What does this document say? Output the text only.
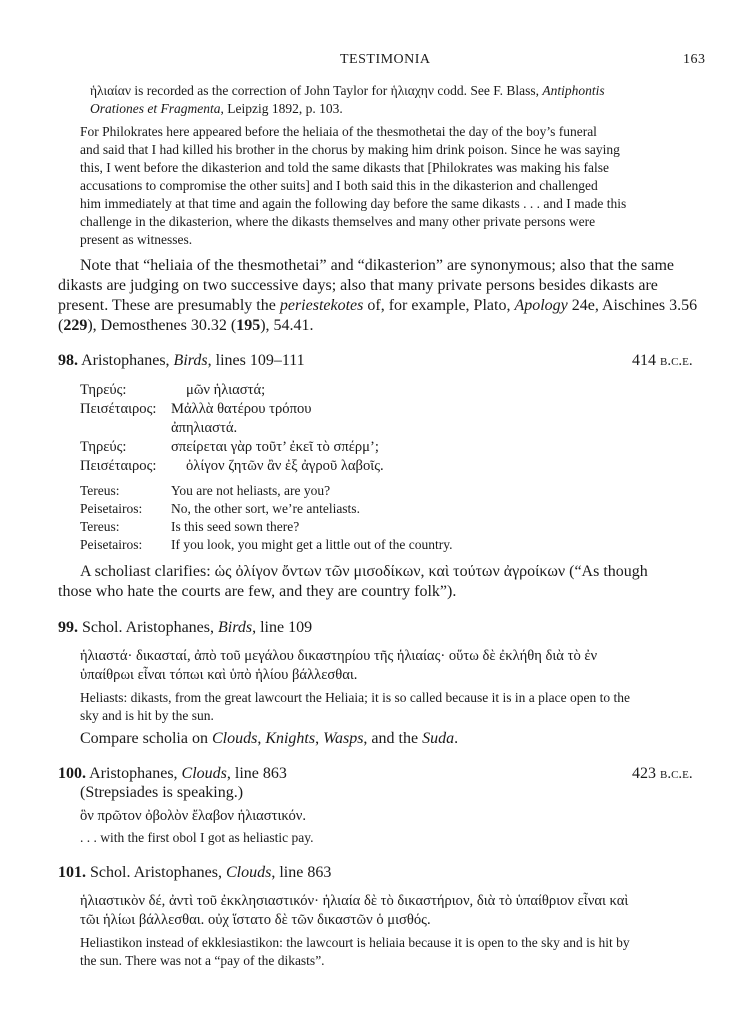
TESTIMONIA	163
ἡλιαίαν is recorded as the correction of John Taylor for ἡλιαχην codd. See F. Blass, Antiphontis
Orationes et Fragmenta, Leipzig 1892, p. 103.
For Philokrates here appeared before the heliaia of the thesmothetai the day of the boy’s funeral
and said that I had killed his brother in the chorus by making him drink poison. Since he was saying
this, I went before the dikasterion and told the same dikasts that [Philokrates was making his false
accusations to compromise the other suits] and I both said this in the dikasterion and challenged
him immediately at that time and again the following day before the same dikasts . . . and I made this
challenge in the dikasterion, where the dikasts themselves and many other private persons were
present as witnesses.
Note that “heliaia of the thesmothetai” and “dikasterion” are synonymous; also that the same
dikasts are judging on two successive days; also that many private persons besides dikasts are
present. These are presumably the periestekotes of, for example, Plato, Apology 24e, Aischines 3.56
(229), Demosthenes 30.32 (195), 54.41.
98. Aristophanes, Birds, lines 109–111	414 b.c.e.
Τηρεύς:	μῶν ἡλιαστά;
Πεισέταιρος: Μἀλλὰ θατέρου τρόπου
ἀπηλιαστά.
Τηρεύς:	σπείρεται γὰρ τοῦτ’ ἐκεῖ τὸ σπέρμ’;
Πεισέταιρος: ὀλίγον ζητῶν ἂν ἐξ ἀγροῦ λαβοῖς.
Tereus:	You are not heliasts, are you?
Peisetairos: No, the other sort, we’re anteliasts.
Tereus:	Is this seed sown there?
Peisetairos: If you look, you might get a little out of the country.
A scholiast clarifies: ὡς ὀλίγον ὄντων τῶν μισοδίκων, καὶ τούτων ἀγροίκων (“As though
those who hate the courts are few, and they are country folk”).
99. Schol. Aristophanes, Birds, line 109
ἡλιαστά· δικασταί, ἀπὸ τοῦ μεγάλου δικαστηρίου τῆς ἡλιαίας· οὕτω δὲ ἐκλήθη διὰ τὸ ἐν
ὑπαίθρωι εἶναι τόπωι καὶ ὑπὸ ἡλίου βάλλεσθαι.
Heliasts: dikasts, from the great lawcourt the Heliaia; it is so called because it is in a place open to the
sky and is hit by the sun.
Compare scholia on Clouds, Knights, Wasps, and the Suda.
100. Aristophanes, Clouds, line 863	423 b.c.e.
(Strepsiades is speaking.)
ὃν πρῶτον ὀβολὸν ἔλαβον ἡλιαστικόν.
. . . with the first obol I got as heliastic pay.
101. Schol. Aristophanes, Clouds, line 863
ἡλιαστικὸν δέ, ἀντὶ τοῦ ἐκκλησιαστικόν· ἡλιαία δὲ τὸ δικαστήριον, διὰ τὸ ὑπαίθριον εἶναι καὶ
τῶι ἡλίωι βάλλεσθαι. οὐχ ἵστατο δὲ τῶν δικαστῶν ὁ μισθός.
Heliastikon instead of ekklesiastikon: the lawcourt is heliaia because it is open to the sky and is hit by
the sun. There was not a “pay of the dikasts”.
